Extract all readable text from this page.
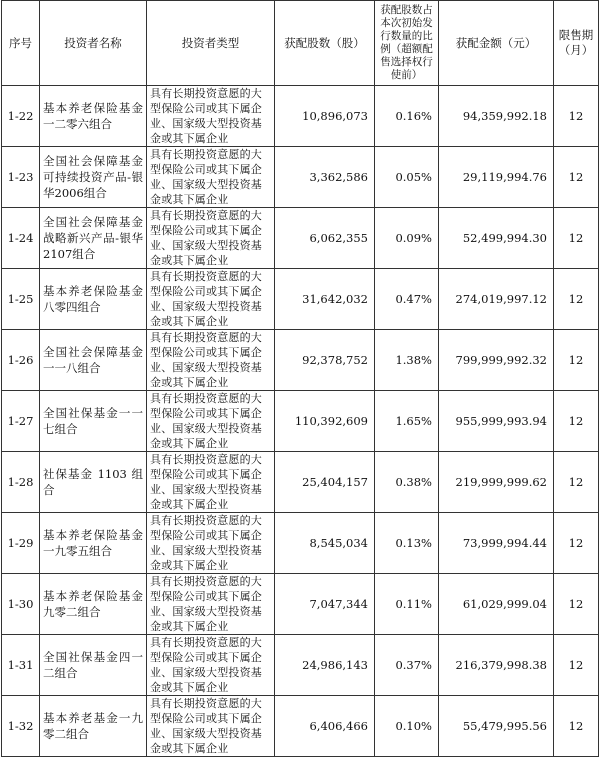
序号	投资者名称	投资者类型	获配股数（股）	获配股数占本次初始发行数量的比例（超额配售选择权行使前）	获配金额（元）	限售期（月）
1-22	基本养老保险基金一二零六组合	具有长期投资意愿的大型保险公司或其下属企业、国家级大型投资基金或其下属企业	10,896,073	0.16%	94,359,992.18	12
1-23	全国社会保障基金可持续投资产品-银华2006组合	具有长期投资意愿的大型保险公司或其下属企业、国家级大型投资基金或其下属企业	3,362,586	0.05%	29,119,994.76	12
1-24	全国社会保障基金战略新兴产品-银华2107组合	具有长期投资意愿的大型保险公司或其下属企业、国家级大型投资基金或其下属企业	6,062,355	0.09%	52,499,994.30	12
1-25	基本养老保险基金八零四组合	具有长期投资意愿的大型保险公司或其下属企业、国家级大型投资基金或其下属企业	31,642,032	0.47%	274,019,997.12	12
1-26	全国社会保障基金一一八组合	具有长期投资意愿的大型保险公司或其下属企业、国家级大型投资基金或其下属企业	92,378,752	1.38%	799,999,992.32	12
1-27	全国社保基金一一七组合	具有长期投资意愿的大型保险公司或其下属企业、国家级大型投资基金或其下属企业	110,392,609	1.65%	955,999,993.94	12
1-28	社保基金 1103 组合	具有长期投资意愿的大型保险公司或其下属企业、国家级大型投资基金或其下属企业	25,404,157	0.38%	219,999,999.62	12
1-29	基本养老保险基金一九零五组合	具有长期投资意愿的大型保险公司或其下属企业、国家级大型投资基金或其下属企业	8,545,034	0.13%	73,999,994.44	12
1-30	基本养老保险基金九零二组合	具有长期投资意愿的大型保险公司或其下属企业、国家级大型投资基金或其下属企业	7,047,344	0.11%	61,029,999.04	12
1-31	全国社保基金四一二组合	具有长期投资意愿的大型保险公司或其下属企业、国家级大型投资基金或其下属企业	24,986,143	0.37%	216,379,998.38	12
1-32	基本养老基金一九零二组合	具有长期投资意愿的大型保险公司或其下属企业、国家级大型投资基金或其下属企业	6,406,466	0.10%	55,479,995.56	12
